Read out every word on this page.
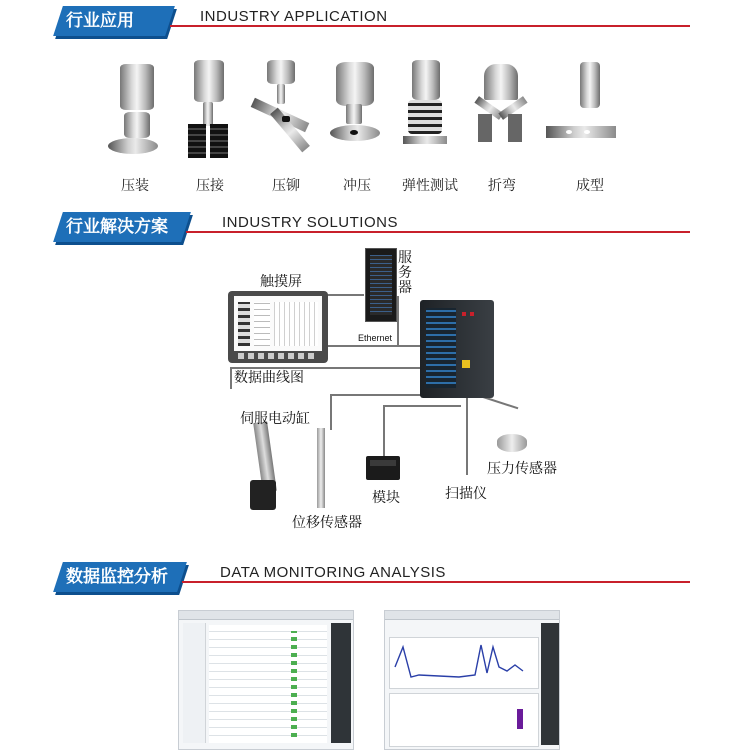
行业应用	INDUSTRY APPLICATION
压装	压接	压铆	冲压	弹性测试	折弯	成型
行业解决方案	INDUSTRY SOLUTIONS
触摸屏
数据曲线图
服
务
器
Ethernet
伺服电动缸
位移传感器
模块	扫描仪
压力传感器
数据监控分析	DATA MONITORING ANALYSIS
